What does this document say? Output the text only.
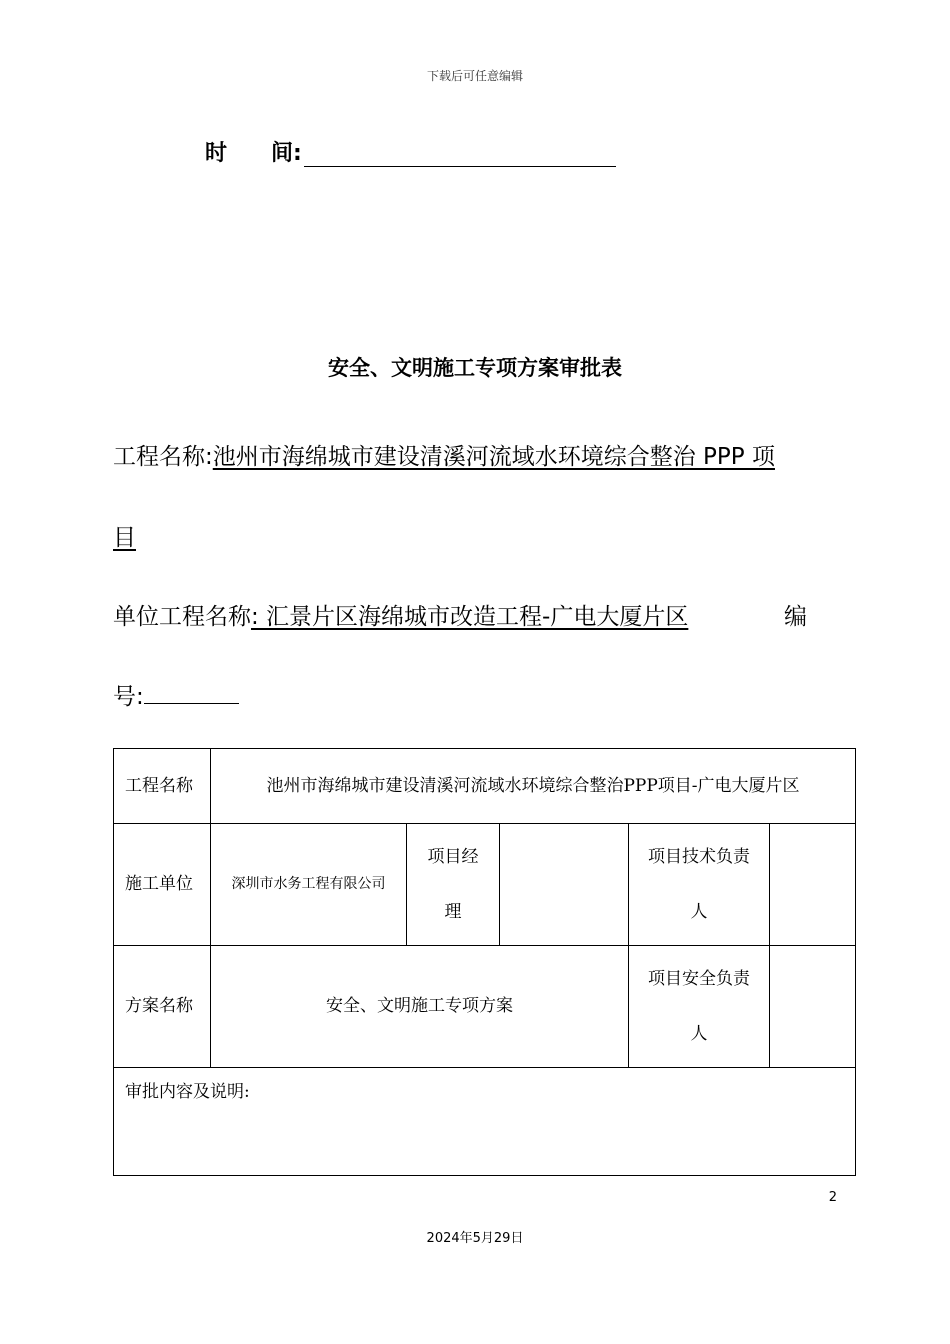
下载后可任意编辑
时　　间:
安全、文明施工专项方案审批表
工程名称:池州市海绵城市建设清溪河流域水环境综合整治 PPP 项
目
单位工程名称: 汇景片区海绵城市改造工程-广电大厦片区	编
号:
工程名称	池州市海绵城市建设清溪河流域水环境综合整治PPP项目-广电大厦片区				
施工单位	深圳市水务工程有限公司	项目经理		项目技术负责人	
方案名称	安全、文明施工专项方案			项目安全负责人	
审批内容及说明:					
2
2024年5月29日
